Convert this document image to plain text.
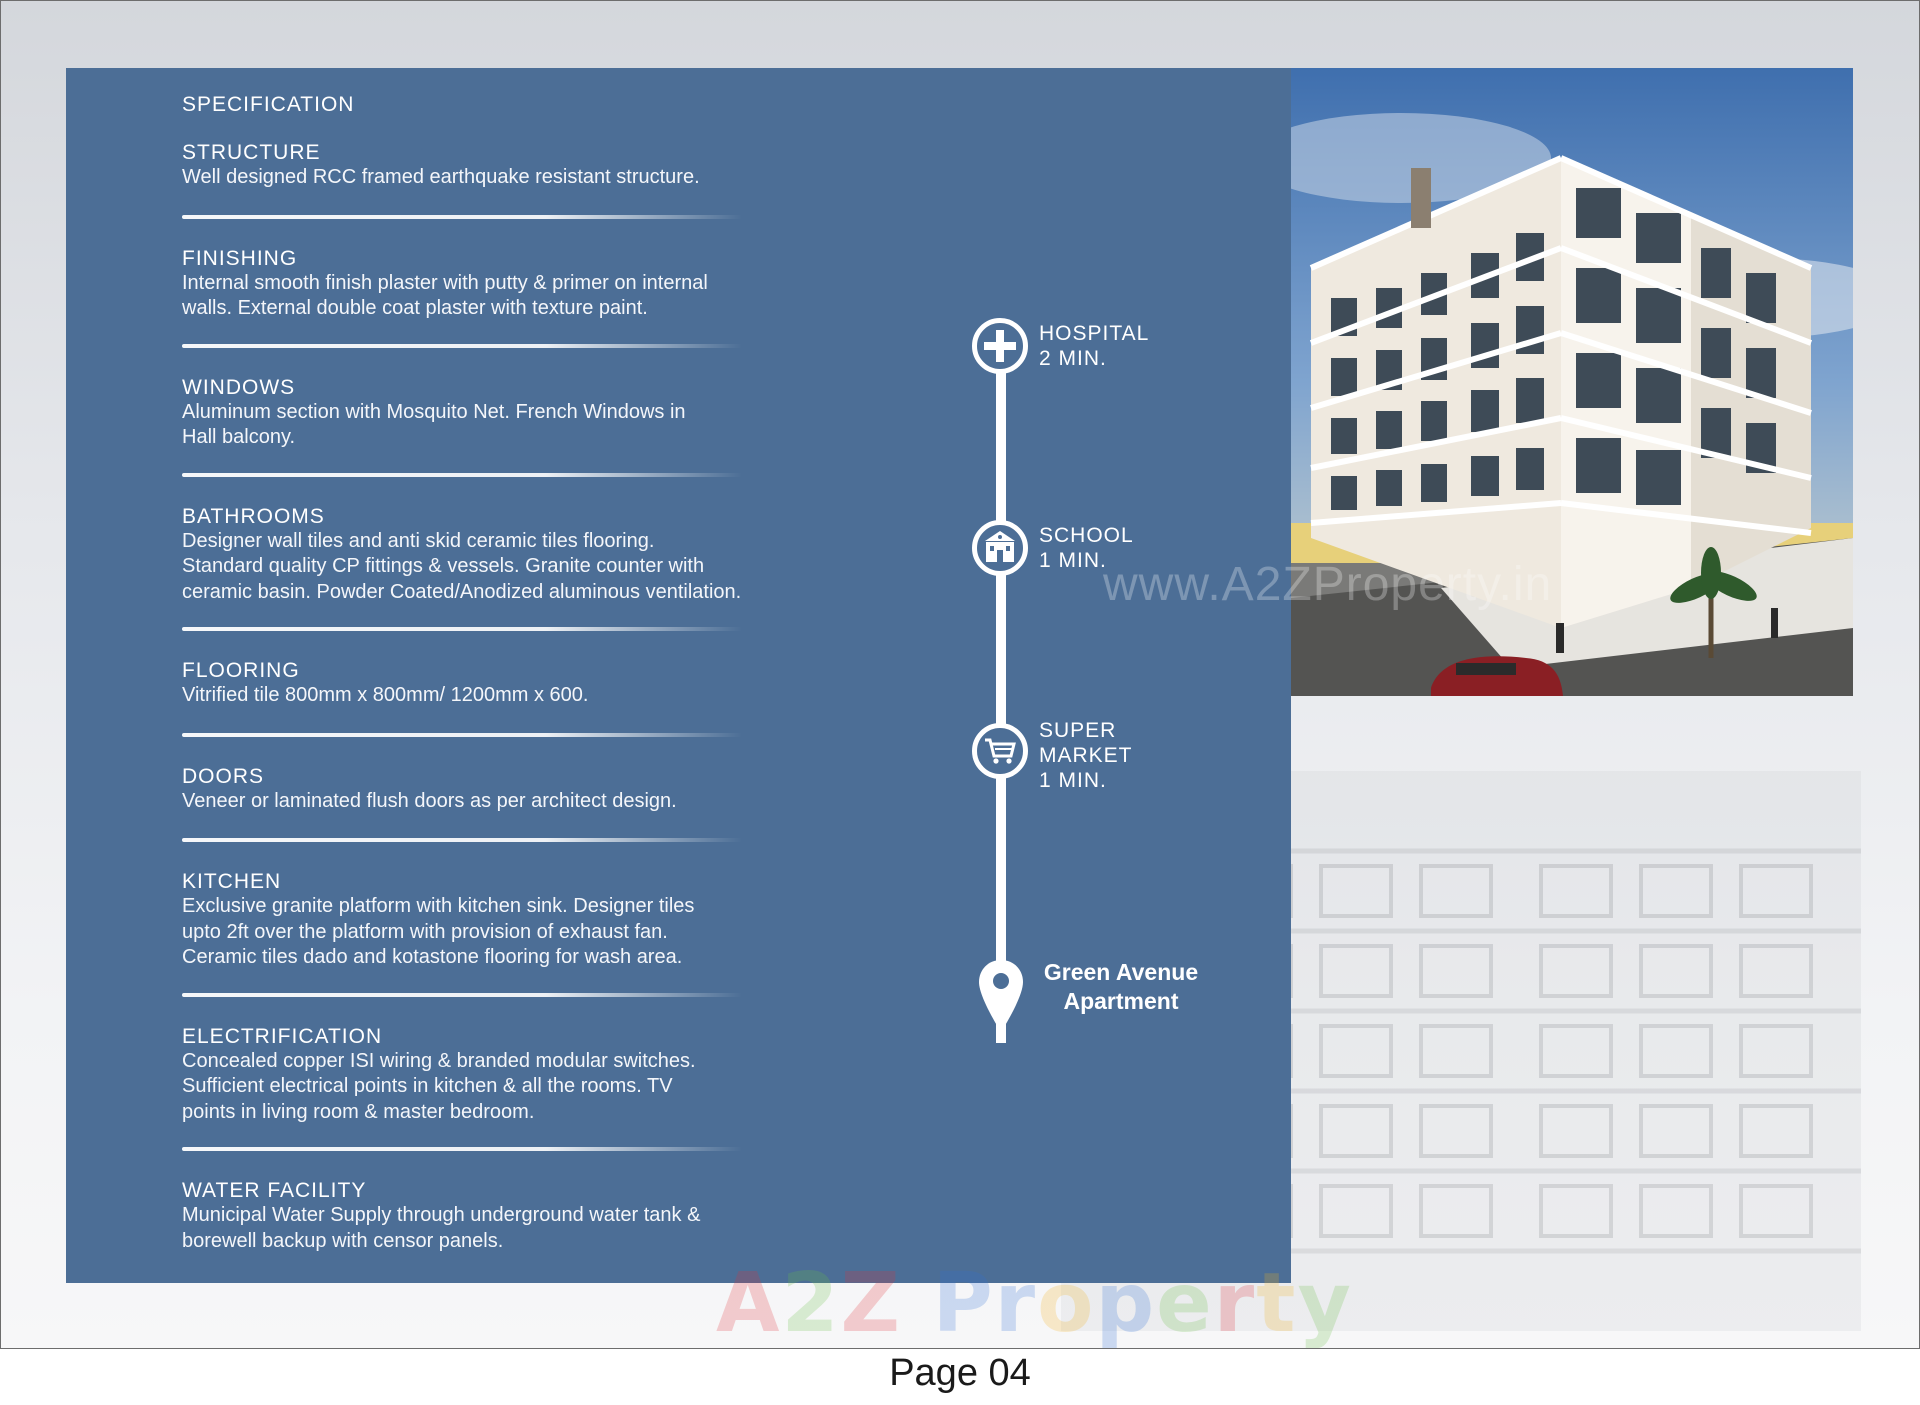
SPECIFICATION
STRUCTURE
Well designed RCC framed earthquake resistant structure.
FINISHING
Internal smooth finish plaster with putty & primer on internal
walls. External double coat plaster with texture paint.
WINDOWS
Aluminum section with Mosquito Net. French Windows in
Hall balcony.
BATHROOMS
Designer wall tiles and anti skid ceramic tiles flooring.
Standard quality CP fittings & vessels. Granite counter with
ceramic basin. Powder Coated/Anodized aluminous ventilation.
FLOORING
Vitrified tile 800mm x 800mm/ 1200mm x 600.
DOORS
Veneer or laminated flush doors as per architect design.
KITCHEN
Exclusive granite platform with kitchen sink. Designer tiles
upto 2ft over the platform with provision of exhaust fan.
Ceramic tiles dado and kotastone flooring for wash area.
ELECTRIFICATION
Concealed copper ISI wiring & branded modular switches.
Sufficient electrical points in kitchen & all the rooms. TV
points in living room & master bedroom.
WATER FACILITY
Municipal Water Supply through underground water tank &
borewell backup with censor panels.
HOSPITAL
2 MIN.
SCHOOL
1 MIN.
SUPER
MARKET
1 MIN.
Green Avenue
Apartment
www.A2ZProperty.in
A2Z Property
Page 04
